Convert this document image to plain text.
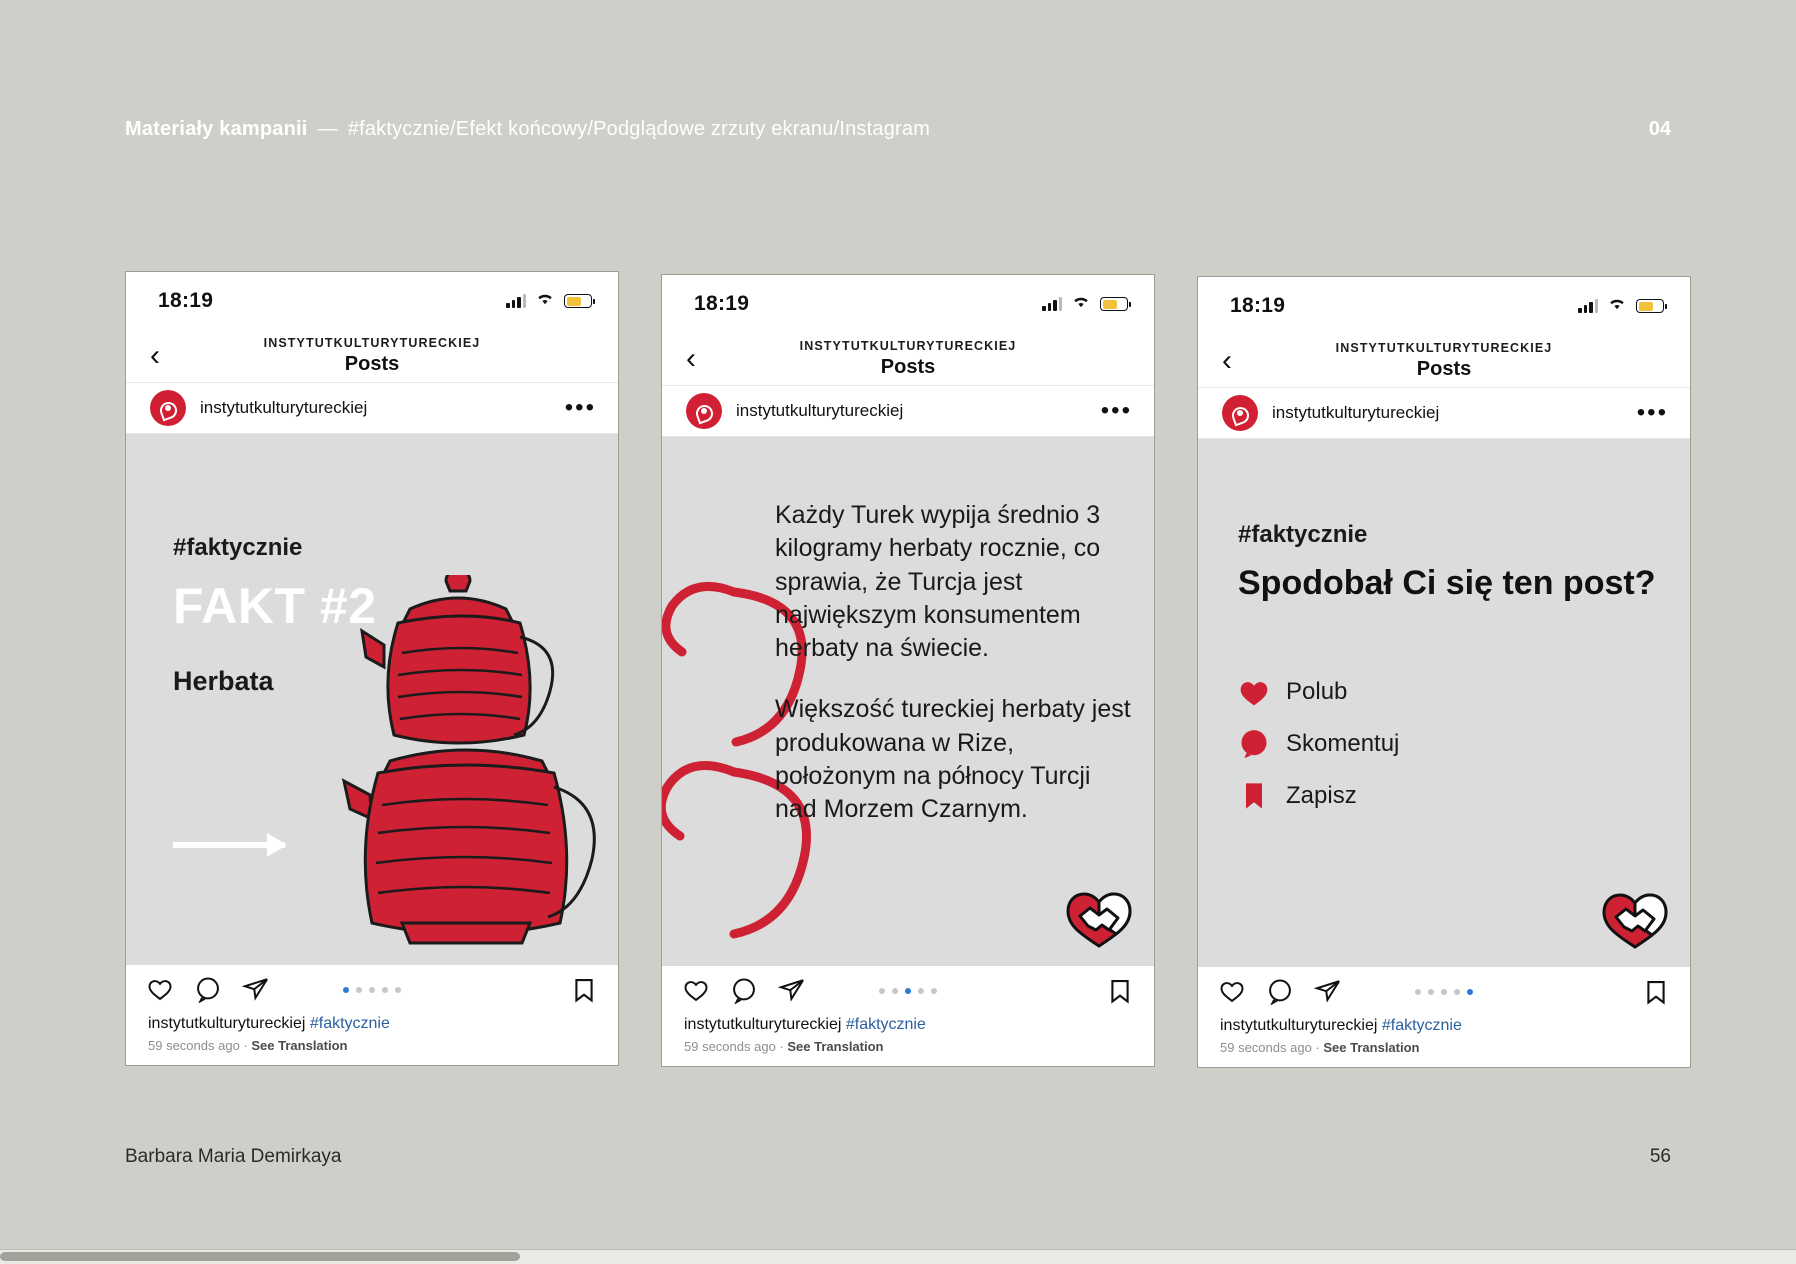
Materiały kampanii — #faktycznie/Efekt końcowy/Podglądowe zrzuty ekranu/Instagram	04
18:19
‹	INSTYTUTKULTURYTURECKIEJ
Posts
instytutkulturytureckiej	•••
#faktycznie
FAKT #2
Herbata
instytutkulturytureckiej #faktycznie
59 seconds ago · See Translation
18:19
‹	INSTYTUTKULTURYTURECKIEJ
Posts
instytutkulturytureckiej	•••

Każdy Turek wypija średnio 3 kilogramy herbaty rocznie, co sprawia, że Turcja jest największym konsumentem herbaty na świecie.

Większość tureckiej herbaty jest produkowana w Rize, położonym na północy Turcji nad Morzem Czarnym.

instytutkulturytureckiej #faktycznie
59 seconds ago · See Translation
18:19
‹	INSTYTUTKULTURYTURECKIEJ
Posts
instytutkulturytureckiej	•••
#faktycznie
Spodobał Ci się ten post?
Polub
Skomentuj
Zapisz
instytutkulturytureckiej #faktycznie
59 seconds ago · See Translation
Barbara Maria Demirkaya	56
